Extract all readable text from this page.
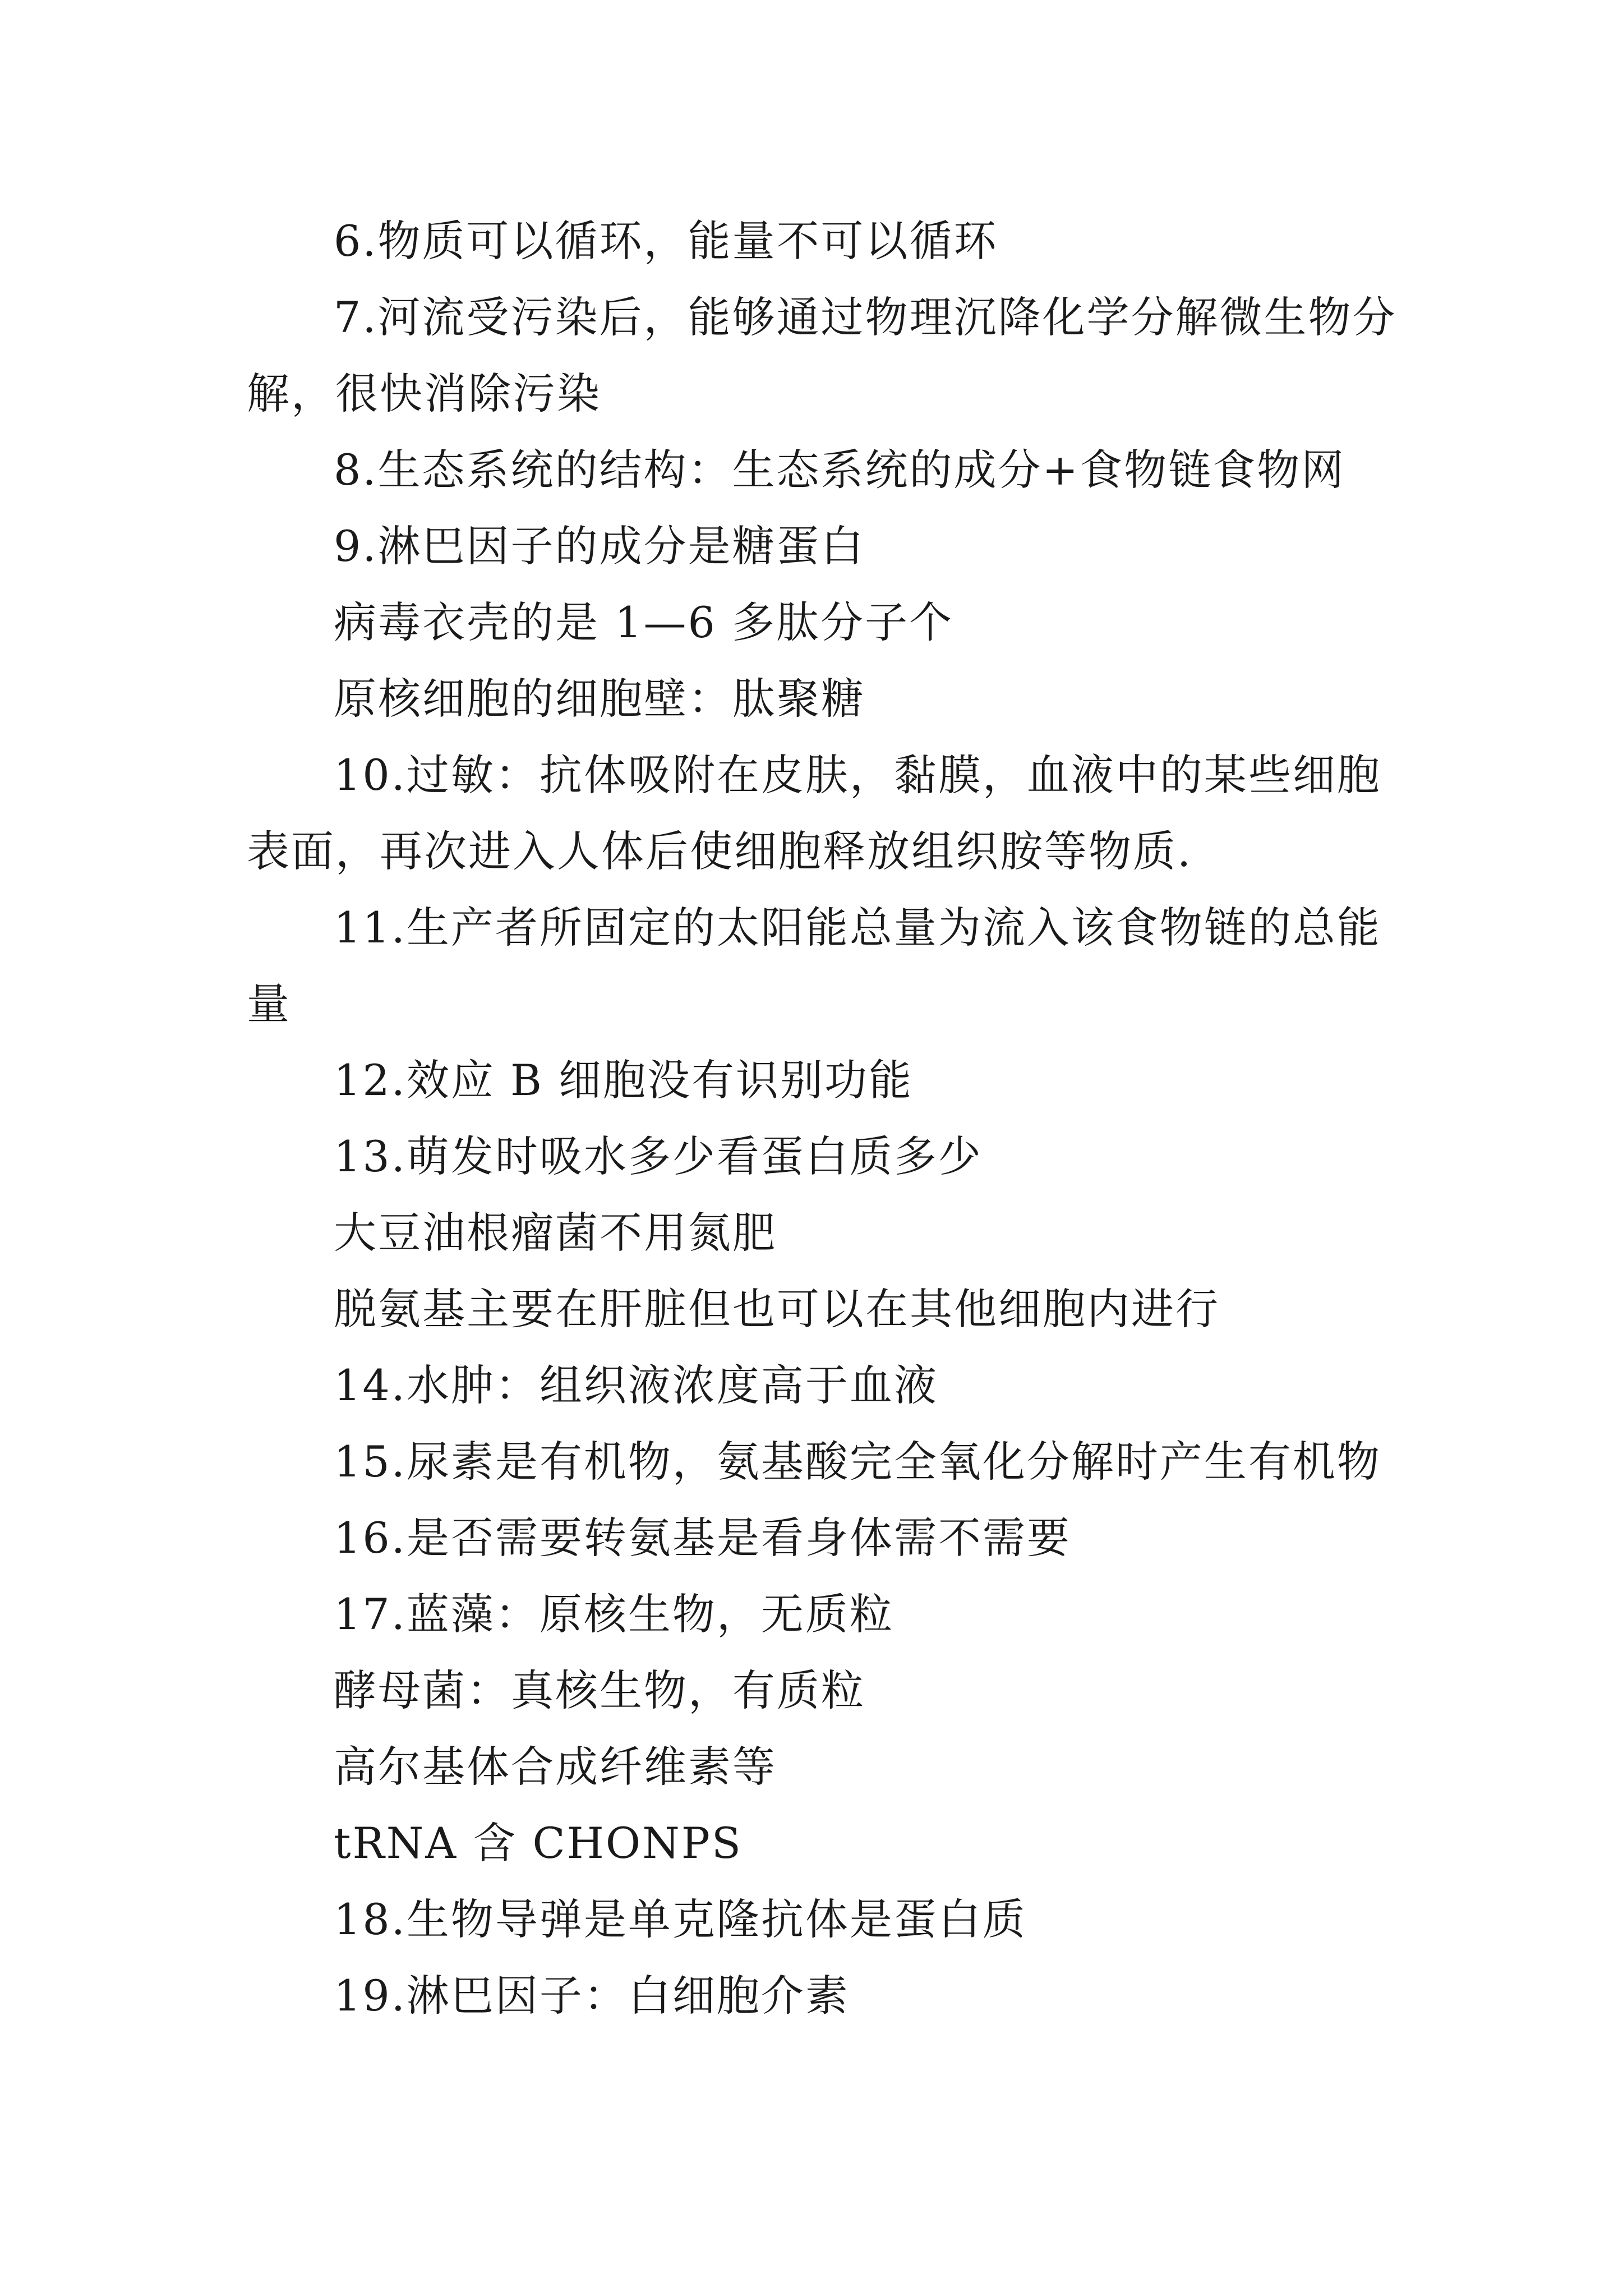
6.物质可以循环，能量不可以循环
7.河流受污染后，能够通过物理沉降化学分解微生物分
解，很快消除污染
8.生态系统的结构：生态系统的成分+食物链食物网
9.淋巴因子的成分是糖蛋白
病毒衣壳的是 1—6 多肽分子个
原核细胞的细胞壁：肽聚糖
10.过敏：抗体吸附在皮肤，黏膜，血液中的某些细胞
表面，再次进入人体后使细胞释放组织胺等物质.
11.生产者所固定的太阳能总量为流入该食物链的总能
量
12.效应 B 细胞没有识别功能
13.萌发时吸水多少看蛋白质多少
大豆油根瘤菌不用氮肥
脱氨基主要在肝脏但也可以在其他细胞内进行
14.水肿：组织液浓度高于血液
15.尿素是有机物，氨基酸完全氧化分解时产生有机物
16.是否需要转氨基是看身体需不需要
17.蓝藻：原核生物，无质粒
酵母菌：真核生物，有质粒
高尔基体合成纤维素等
tRNA 含 CHONPS
18.生物导弹是单克隆抗体是蛋白质
19.淋巴因子：白细胞介素
